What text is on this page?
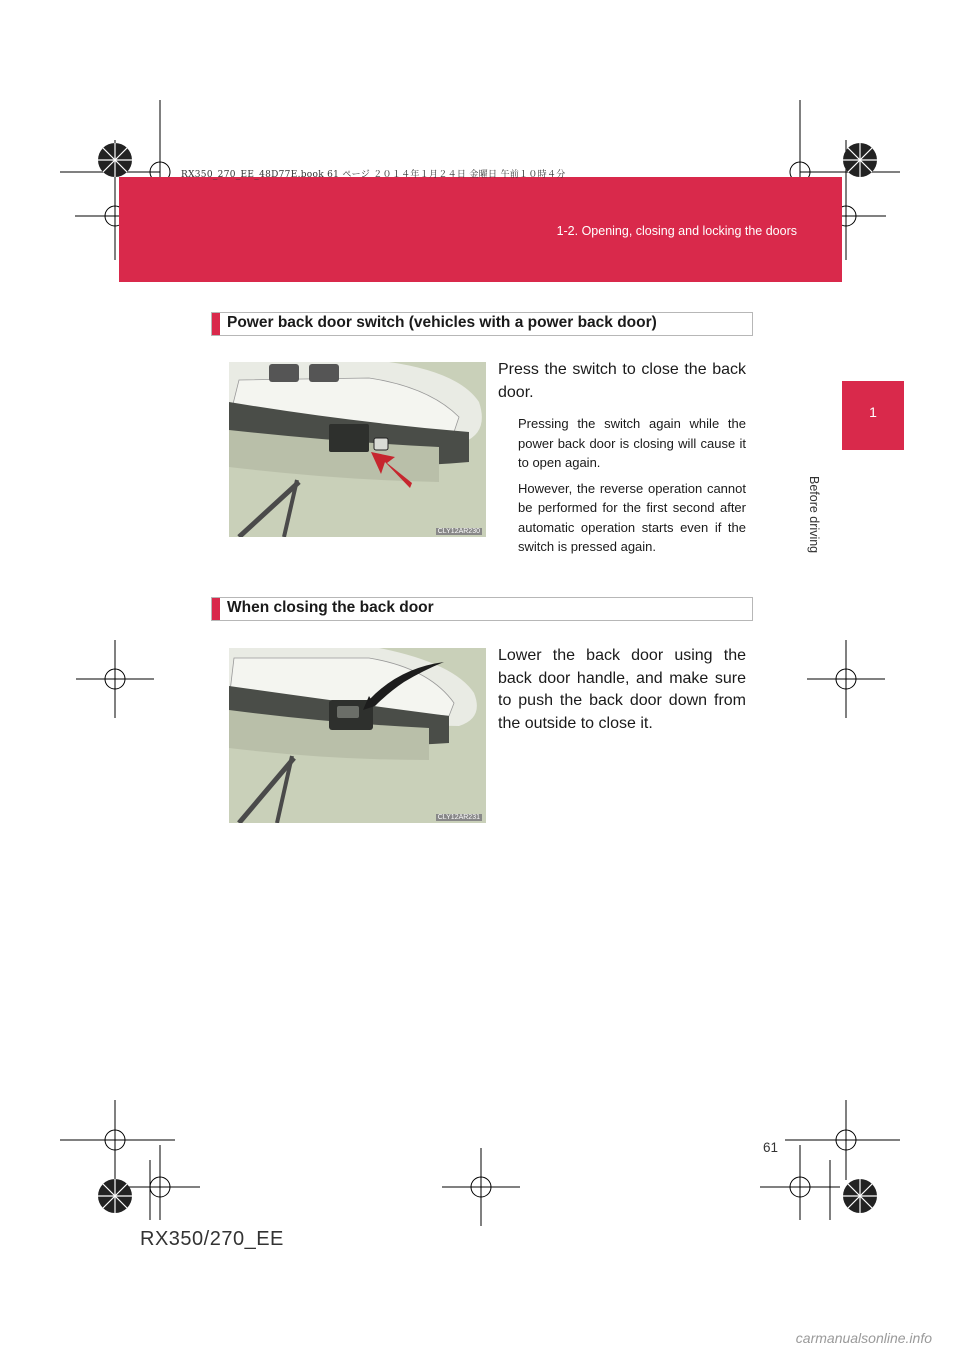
RX350_270_EE_48D77E.book 61 ページ ２０１４年１月２４日 金曜日 午前１０時４分
1-2. Opening, closing and locking the doors
1
Before driving
Power back door switch (vehicles with a power back door)
CLY12AR230

Press the switch to close the back door.

Pressing the switch again while the power back door is closing will cause it to open again.

However, the reverse operation cannot be performed for the first second after automatic operation starts even if the switch is pressed again.

When closing the back door
CLY12AR231

Lower the back door using the back door handle, and make sure to push the back door down from the outside to close it.

61
RX350/270_EE
carmanualsonline.info
